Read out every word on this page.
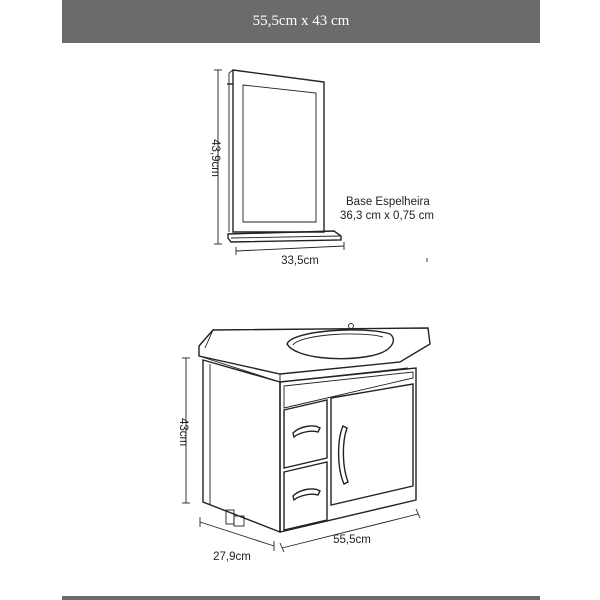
55,5cm x 43 cm
43,9cm
33,5cm
Base Espelheira
36,3 cm x 0,75 cm
43cm
55,5cm
27,9cm
